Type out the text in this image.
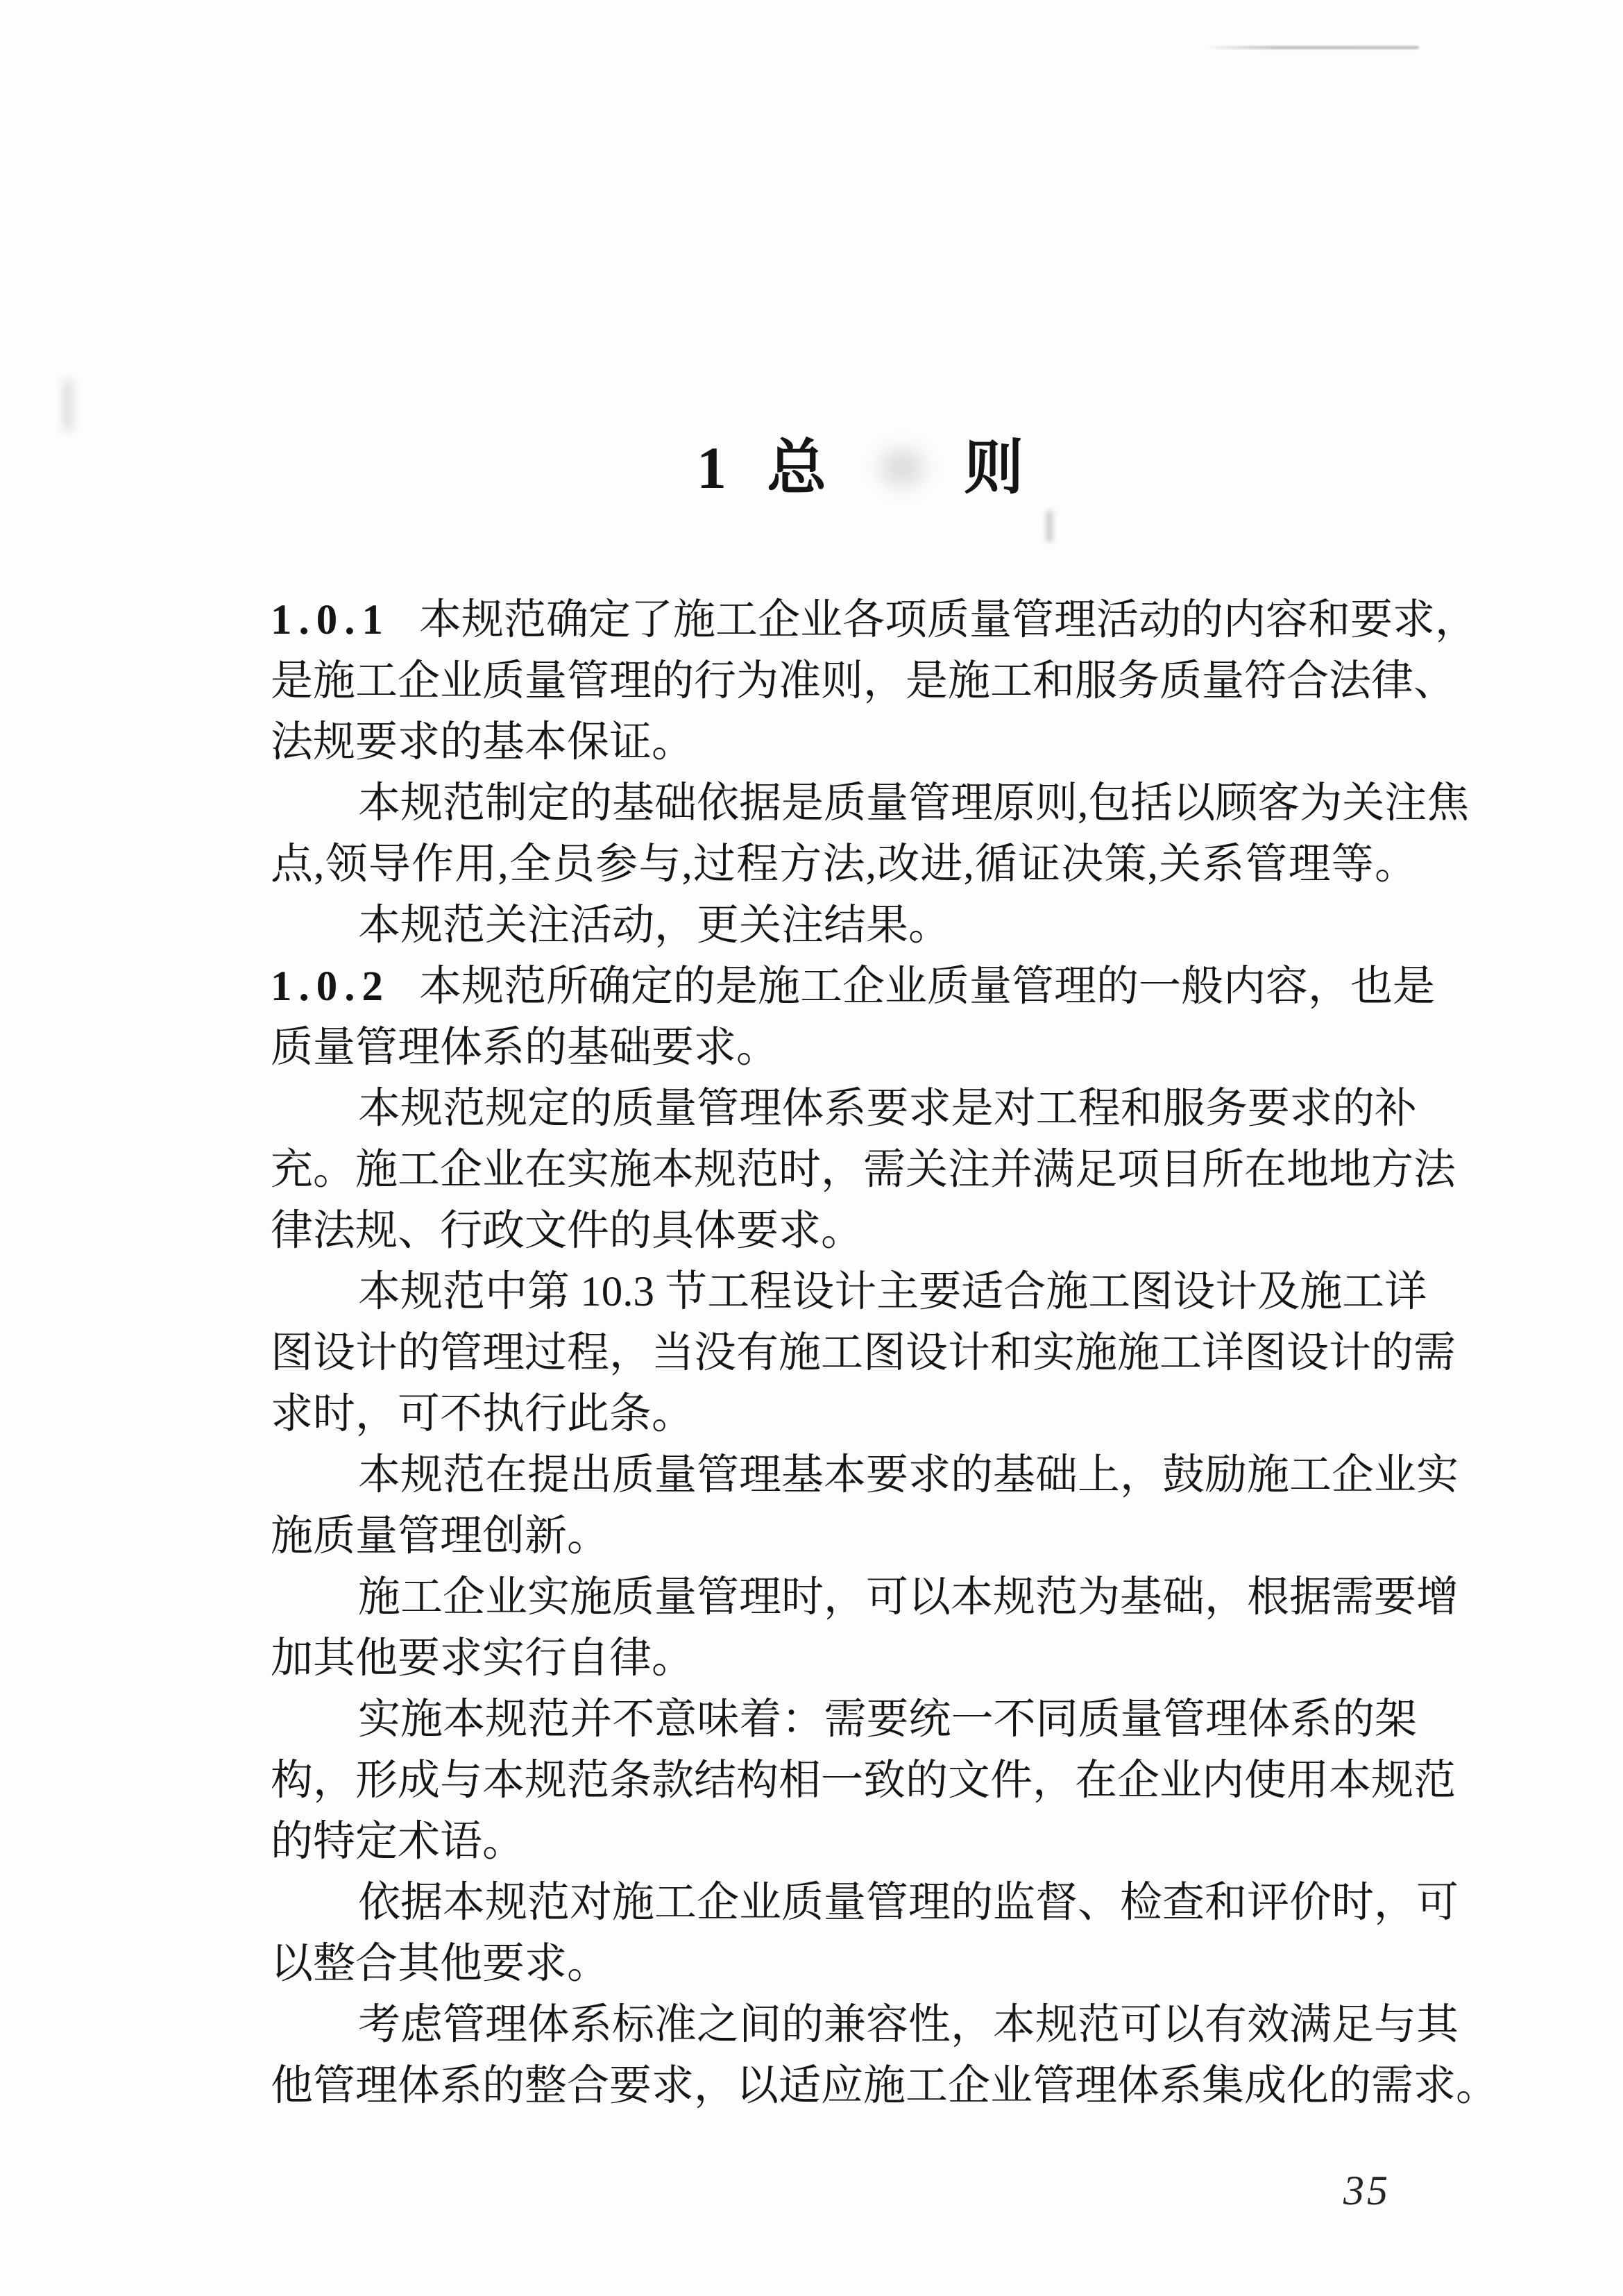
1 总 则
1.0.1 本规范确定了施工企业各项质量管理活动的内容和要求，
是施工企业质量管理的行为准则，是施工和服务质量符合法律、
法规要求的基本保证。
本规范制定的基础依据是质量管理原则,包括以顾客为关注焦
点,领导作用,全员参与,过程方法,改进,循证决策,关系管理等。
本规范关注活动，更关注结果。
1.0.2 本规范所确定的是施工企业质量管理的一般内容，也是
质量管理体系的基础要求。
本规范规定的质量管理体系要求是对工程和服务要求的补
充。施工企业在实施本规范时，需关注并满足项目所在地地方法
律法规、行政文件的具体要求。
本规范中第 10.3 节工程设计主要适合施工图设计及施工详
图设计的管理过程，当没有施工图设计和实施施工详图设计的需
求时，可不执行此条。
本规范在提出质量管理基本要求的基础上，鼓励施工企业实
施质量管理创新。
施工企业实施质量管理时，可以本规范为基础，根据需要增
加其他要求实行自律。
实施本规范并不意味着：需要统一不同质量管理体系的架
构，形成与本规范条款结构相一致的文件，在企业内使用本规范
的特定术语。
依据本规范对施工企业质量管理的监督、检查和评价时，可
以整合其他要求。
考虑管理体系标准之间的兼容性，本规范可以有效满足与其
他管理体系的整合要求，以适应施工企业管理体系集成化的需求。
35
